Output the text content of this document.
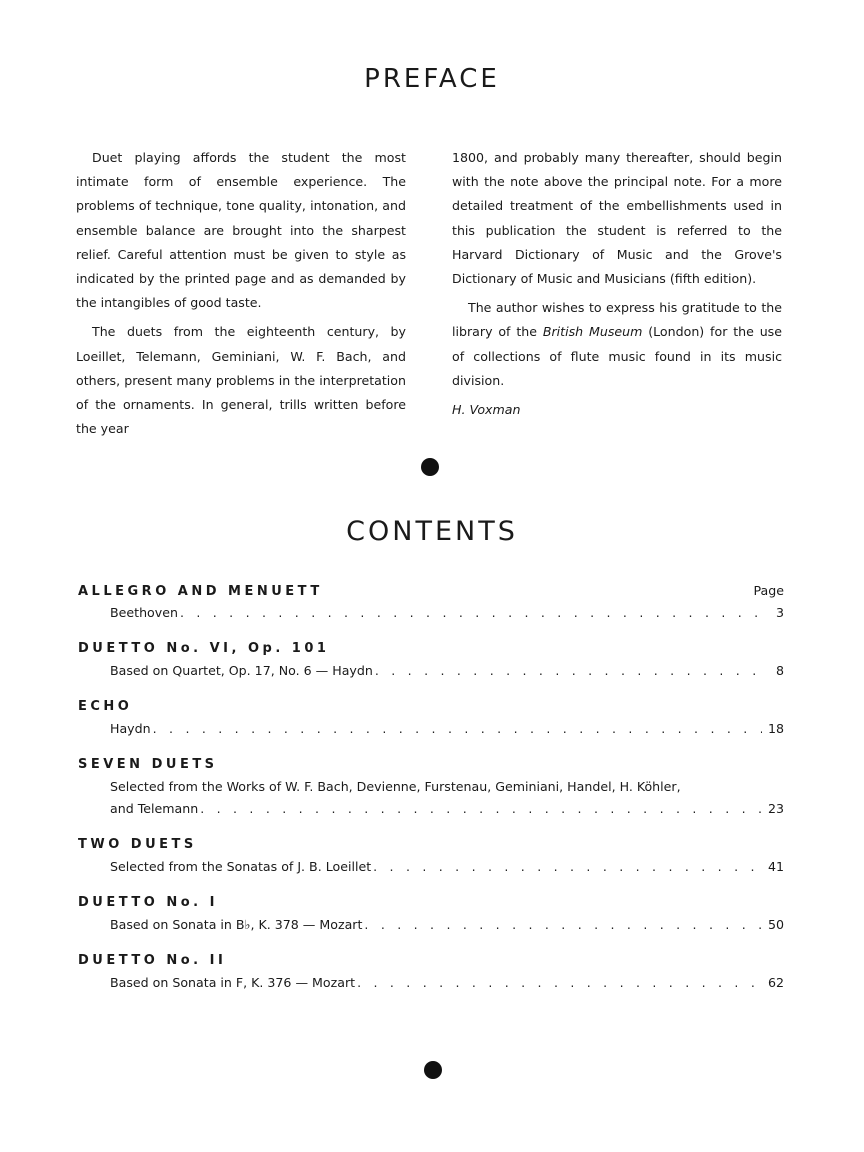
PREFACE

Duet playing affords the student the most intimate form of ensemble experience. The problems of technique, tone quality, intonation, and ensemble balance are brought into the sharpest relief. Careful attention must be given to style as indicated by the printed page and as demanded by the intangibles of good taste.

The duets from the eighteenth century, by Loeillet, Telemann, Geminiani, W. F. Bach, and others, present many problems in the interpretation of the ornaments. In general, trills written before the year

1800, and probably many thereafter, should begin with the note above the principal note. For a more detailed treatment of the embellishments used in this publication the student is referred to the Harvard Dictionary of Music and the Grove's Dictionary of Music and Musicians (fifth edition).

The author wishes to express his gratitude to the library of the British Museum (London) for the use of collections of flute music found in its music division.

H. Voxman

CONTENTS
ALLEGRO AND MENUETT	Page
Beethoven . . .	3
DUETTO No. VI, Op. 101
Based on Quartet, Op. 17, No. 6 — Haydn . . .	8
ECHO
Haydn . . .	18
SEVEN DUETS
Selected from the Works of W. F. Bach, Devienne, Furstenau, Geminiani, Handel, H. Köhler,
and Telemann . . .	23
TWO DUETS
Selected from the Sonatas of J. B. Loeillet . . .	41
DUETTO No. I
Based on Sonata in B♭, K. 378 — Mozart . . .	50
DUETTO No. II
Based on Sonata in F, K. 376 — Mozart . . .	62
